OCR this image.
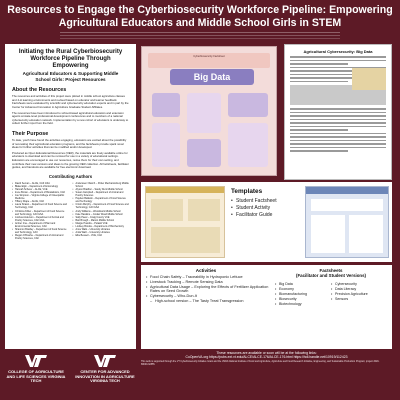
Resources to Engage the Cyberbiosecurity Workforce Pipeline: Empowering
Agricultural Educators and Middle School Girls in STEM
Initiating the Rural Cyberbiosecurity
Workforce Pipeline Through Empowering
Agricultural Educators & Supporting Middle
School Girls: Project Resources
About the Resources
The resources and activities of this project were piloted in middle school agriculture classes and 4-H learning environments and revised based on educator and learner feedback. Factsheets were evaluated by scientific and cybersecurity education experts and in part by the Center for Advanced Innovation in Agriculture Graduate Student Affiliates.
The resources have been introduced to school-based agricultural educators and extension agents at state-level professional development conferences and to members of a national cybersecurity education network. Implementation by a new cohort of educators is underway to collect further input from the field.
Their Purpose
To date, youth have found the activities engaging, educators are excited about the possibility of renovating their agricultural education programs, and the factsheets provide spark novel ideas for further activities that can be modified and/or developed.
Produced as Open Educational Resources (OER), the materials are freely available online for educators to download and can be remixed for use in a variety of educational settings. Educators are encouraged to use our resources, revise them for their own setting, and contribute their new versions and ideas to the growing OER collection. All factsheets, facilitator guides, and handouts are available for free electronic download.
Contributing Authors
• David Seman – ALCE, CAII GSA
• Blake Elgin – Department of Entomology
• Hannah Scherer – ALCE, VCE
• Irene Brown – Department of Biostatistics, CAII
• Joe Simpson – Virginia College of Osteopathic Medicine
• Tiffany Drape – ALCE, CAII
• Laura Strawn – Department of Food Science and Technology, CAII
• Christina Kibler – Department of Food Science and Technology, CAII GSA
• Joshua Anderson – Department of Animal and Poultry Sciences, CAII GSA
• Amber Ima – Department of Plant and Environmental Sciences, CAII
• Shannon Bradley – Department of Food Science and Technology, CAII
• Megan O'Rourke – Department of Animal and Poultry Sciences, CAII
• Anderssen Olarich – Potter Mechanicsburg Middle School
• Alyson Bradbur – Sandy Dunt Middle School
• Susan Campbell – Department of Animal and Poultry Sciences
• Hayden Baldwin – Department of Food Science and Technology
• Cristin Murphy – Department of Food Science and Technology, CAII GSA
• Andy Williams – Woodstock Middle School
• Kate Hawkins – Jordan Wood Middle School
• Sally Pavel – Craig County VCE
• Bart Brough – Marion Middle School
• Margie Powdra – Pulaski VCE
• Lindsey Brooks – Department of Biochemistry
• Anne Walk – University Libraries
• Anita Walz – University Libraries
• Ellie Bessell – VCE, CAII
COLLEGE OF AGRICULTURE AND LIFE SCIENCES VIRGINIA TECH
CENTER FOR ADVANCED INNOVATION IN AGRICULTURE VIRGINIA TECH
Cyberbiosecurity Factsheet
Big Data
Agricultural Cybersecurity: Big Data
Templates
• Student Factsheet
• Student Activity
• Facilitator Guide
Activities
• Food Chain Safety – Traceability in Hydroponic Lettuce
• Livestock Tracking – Remote Sensing Data
• Agricultural Data Usage – Exploring the Effects of Fertilizer Application Rates on Seed Growth
• Cybersecurity – Who-Dun-It
– High-school version – The Tasty Treat Transgression
Factsheets
(Facilitator and Student Versions)
• Big Data
• Economy
• Biomanufacturing
• Biosecurity
• Biotechnology
• Cybersecurity
• Data Literacy
• Precision Agriculture
• Sensors
These resources are available or soon will be at the following links:
CoOpenVA.org https://pubs.ext.vt.edu/ALCE/ALCE-176/ALCE-176.html https://hdl.handle.net/10919/112423
This work is supported through the VT Cyberbiosecurity Initiative Grant and the USDA National Institute of Food and Agriculture, Agriculture and Food Research Initiative, Engineering, and Sustainable Production Program; project 2020-68000-32855.
